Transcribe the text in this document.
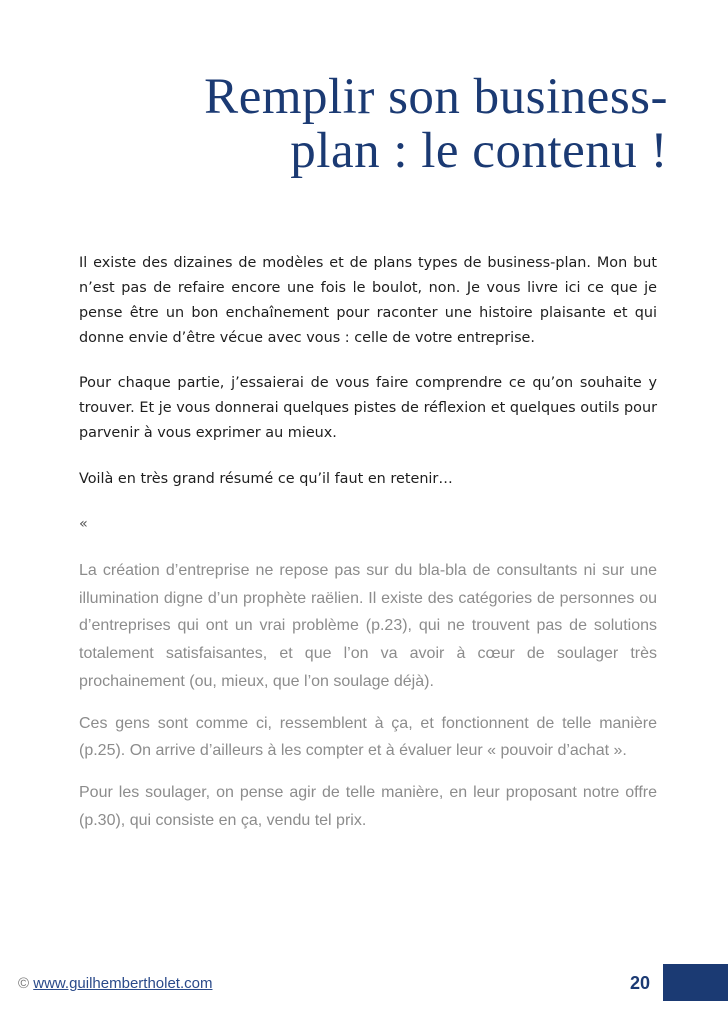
Remplir son business-
plan : le contenu !

Il existe des dizaines de modèles et de plans types de business-plan. Mon but n’est pas de refaire encore une fois le boulot, non. Je vous livre ici ce que je pense être un bon enchaînement pour raconter une histoire plaisante et qui donne envie d’être vécue avec vous : celle de votre entreprise.

Pour chaque partie, j’essaierai de vous faire comprendre ce qu’on souhaite y trouver. Et je vous donnerai quelques pistes de réflexion et quelques outils pour parvenir à vous exprimer au mieux.

Voilà en très grand résumé ce qu’il faut en retenir…

«

La création d’entreprise ne repose pas sur du bla-bla de consultants ni sur une illumination digne d’un prophète raëlien. Il existe des catégories de personnes ou d’entreprises qui ont un vrai problème (p.23), qui ne trouvent pas de solutions totalement satisfaisantes, et que l’on va avoir à cœur de soulager très prochainement (ou, mieux, que l’on soulage déjà).

Ces gens sont comme ci, ressemblent à ça, et fonctionnent de telle manière (p.25). On arrive d’ailleurs à les compter et à évaluer leur « pouvoir d’achat ».

Pour les soulager, on pense agir de telle manière, en leur proposant notre offre (p.30), qui consiste en ça, vendu tel prix.

© www.guilhembertholet.com	20
